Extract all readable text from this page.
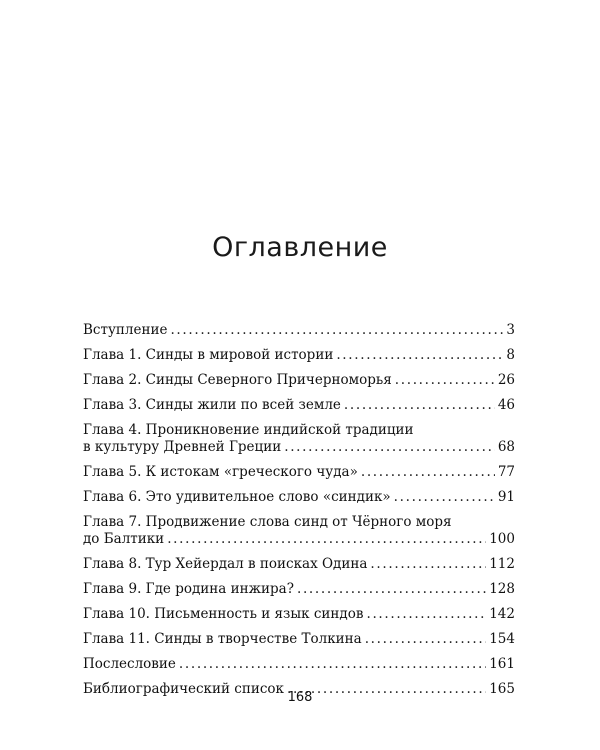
Оглавление
Вступление . . .	3
Глава 1. Синды в мировой истории . . .	8
Глава 2. Синды Северного Причерноморья . . .	26
Глава 3. Синды жили по всей земле . . .	46
Глава 4. Проникновение индийской традиции
в культуру Древней Греции . . .	68
Глава 5. К истокам «греческого чуда» . . .	77
Глава 6. Это удивительное слово «синдик» . . .	91
Глава 7. Продвижение слова синд от Чёрного моря
до Балтики . . .	100
Глава 8. Тур Хейердал в поисках Одина . . .	112
Глава 9. Где родина инжира? . . .	128
Глава 10. Письменность и язык синдов . . .	142
Глава 11. Синды в творчестве Толкина . . .	154
Послесловие . . .	161
Библиографический список . . .	165
168
